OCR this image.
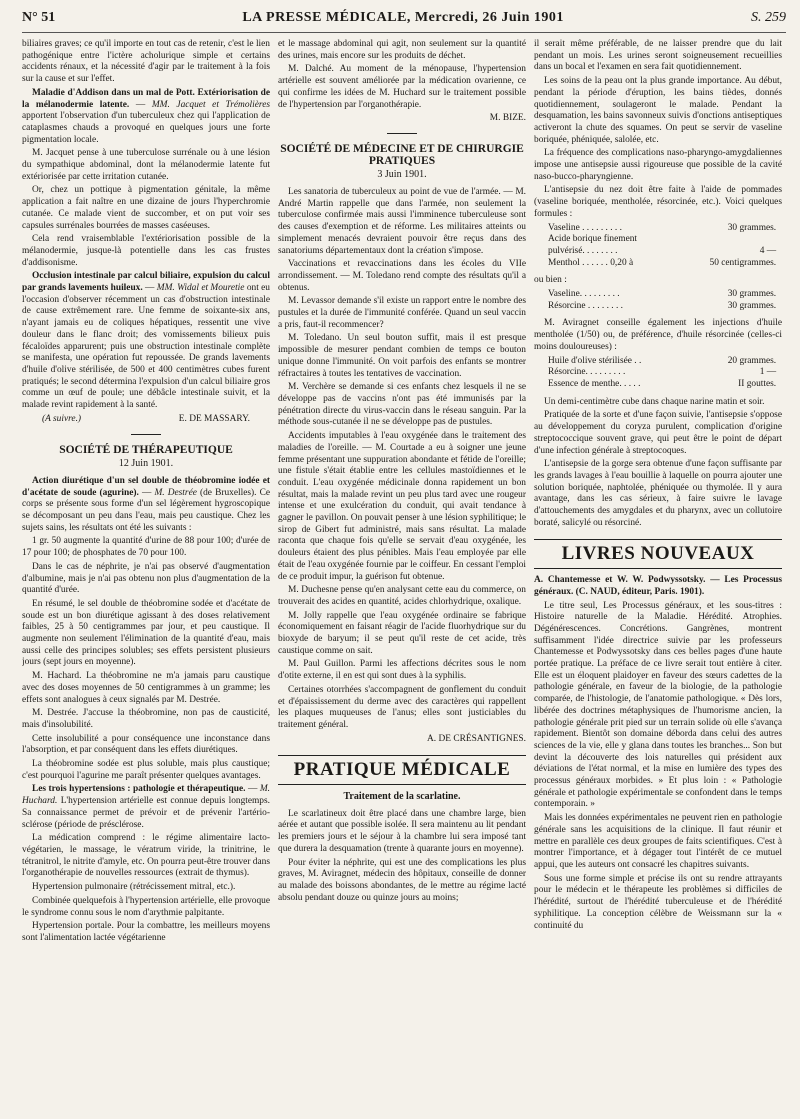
N° 51	LA PRESSE MÉDICALE, Mercredi, 26 Juin 1901	S. 259

biliaires graves; ce qu'il importe en tout cas de retenir, c'est le lien pathogénique entre l'ictère acholurique simple et certains accidents rénaux, et la nécessité d'agir par le traitement à la fois sur la cause et sur l'effet.

Maladie d'Addison dans un mal de Pott. Extériorisation de la mélanodermie latente. — MM. Jacquet et Trémolières apportent l'observation d'un tuberculeux chez qui l'application de cataplasmes chauds a provoqué en quelques jours une forte pigmentation locale.

M. Jacquet pense à une tuberculose surrénale ou à une lésion du sympathique abdominal, dont la mélanodermie latente fut extériorisée par cette irritation cutanée.

Or, chez un pottique à pigmentation génitale, la même application a fait naître en une dizaine de jours l'hyperchromie cutanée. Ce malade vient de succomber, et on put voir ses capsules surrénales bourrées de masses caséeuses.

Cela rend vraisemblable l'extériorisation possible de la mélanodermie, jusque-là potentielle dans les cas frustes d'addisonisme.

Occlusion intestinale par calcul biliaire, expulsion du calcul par grands lavements huileux. — MM. Widal et Mouretie ont eu l'occasion d'observer récemment un cas d'obstruction intestinale de cause extrêmement rare. Une femme de soixante-six ans, n'ayant jamais eu de coliques hépatiques, ressentit une vive douleur dans le flanc droit; des vomissements bilieux puis fécaloïdes apparurent; puis une obstruction intestinale complète se manifesta, une opération fut repoussée. De grands lavements d'huile d'olive stérilisée, de 500 et 400 centimètres cubes furent pratiqués; le second détermina l'expulsion d'un calcul biliaire gros comme un œuf de poule; une débâcle intestinale suivit, et la malade revint rapidement à la santé.

(A suivre.)	E. DE MASSARY.
SOCIÉTÉ DE THÉRAPEUTIQUE
12 Juin 1901.

Action diurétique d'un sel double de théobromine iodée et d'acétate de soude (agurine). — M. Destrée (de Bruxelles). Ce corps se présente sous forme d'un sel légèrement hygroscopique se décomposant un peu dans l'eau, mais peu caustique. Chez les sujets sains, les résultats ont été les suivants :

1 gr. 50 augmente la quantité d'urine de 88 pour 100; d'urée de 17 pour 100; de phosphates de 70 pour 100.

Dans le cas de néphrite, je n'ai pas observé d'augmentation d'albumine, mais je n'ai pas obtenu non plus d'augmentation de la quantité d'urée.

En résumé, le sel double de théobromine sodée et d'acétate de soude est un bon diurétique agissant à des doses relativement faibles, 25 à 50 centigrammes par jour, et peu caustique. Il augmente non seulement l'élimination de la quantité d'eau, mais aussi celle des principes solubles; ses effets persistent plusieurs jours (sept jours en moyenne).

M. Hachard. La théobromine ne m'a jamais paru caustique avec des doses moyennes de 50 centigrammes à un gramme; les effets sont analogues à ceux signalés par M. Destrée.

M. Destrée. J'accuse la théobromine, non pas de causticité, mais d'insolubilité.

Cette insolubilité a pour conséquence une inconstance dans l'absorption, et par conséquent dans les effets diurétiques.

La théobromine sodée est plus soluble, mais plus caustique; c'est pourquoi l'agurine me paraît présenter quelques avantages.

Les trois hypertensions : pathologie et thérapeutique. — M. Huchard. L'hypertension artérielle est connue depuis longtemps. Sa connaissance permet de prévoir et de prévenir l'artério-sclérose (période de présclérose.

La médication comprend : le régime alimentaire lacto-végétarien, le massage, le vératrum viride, la trinitrine, le tétranitrol, le nitrite d'amyle, etc. On pourra peut-être trouver dans l'organothérapie de nouvelles ressources (extrait de thymus).

Hypertension pulmonaire (rétrécissement mitral, etc.).

Combinée quelquefois à l'hypertension artérielle, elle provoque le syndrome connu sous le nom d'arythmie palpitante.

Hypertension portale. Pour la combattre, les meilleurs moyens sont l'alimentation lactée végétarienne

et le massage abdominal qui agit, non seulement sur la quantité des urines, mais encore sur les produits de déchet.

M. Dalché. Au moment de la ménopause, l'hypertension artérielle est souvent améliorée par la médication ovarienne, ce qui confirme les idées de M. Huchard sur le traitement possible de l'hypertension par l'organothérapie.

M. BIZE.
SOCIÉTÉ DE MÉDECINE ET DE CHIRURGIE PRATIQUES
3 Juin 1901.

Les sanatoria de tuberculeux au point de vue de l'armée. — M. André Martin rappelle que dans l'armée, non seulement la tuberculose confirmée mais aussi l'imminence tuberculeuse sont des causes d'exemption et de réforme. Les militaires atteints ou simplement menacés devraient pouvoir être reçus dans des sanatoriums départementaux dont la création s'impose.

Vaccinations et revaccinations dans les écoles du VIIe arrondissement. — M. Toledano rend compte des résultats qu'il a obtenus.

M. Levassor demande s'il existe un rapport entre le nombre des pustules et la durée de l'immunité conférée. Quand un seul vaccin a pris, faut-il recommencer?

M. Toledano. Un seul bouton suffit, mais il est presque impossible de mesurer pendant combien de temps ce bouton unique donne l'immunité. On voit parfois des enfants se montrer réfractaires à toutes les tentatives de vaccination.

M. Verchère se demande si ces enfants chez lesquels il ne se développe pas de vaccins n'ont pas été immunisés par la pénétration directe du virus-vaccin dans le réseau sanguin. Par la méthode sous-cutanée il ne se développe pas de pustules.

Accidents imputables à l'eau oxygénée dans le traitement des maladies de l'oreille. — M. Courtade a eu à soigner une jeune femme présentant une suppuration abondante et fétide de l'oreille; une fistule s'était établie entre les cellules mastoïdiennes et le conduit. L'eau oxygénée médicinale donna rapidement un bon résultat, mais la malade revint un peu plus tard avec une rougeur intense et une exulcération du conduit, qui avait tendance à gagner le pavillon. On pouvait penser à une lésion syphilitique; le sirop de Gibert fut administré, mais sans résultat. La malade raconta que chaque fois qu'elle se servait d'eau oxygénée, les douleurs étaient des plus pénibles. Mais l'eau employée par elle était de l'eau oxygénée fournie par le coiffeur. En cessant l'emploi de ce produit impur, la guérison fut obtenue.

M. Duchesne pense qu'en analysant cette eau du commerce, on trouverait des acides en quantité, acides chlorhydrique, oxalique.

M. Jolly rappelle que l'eau oxygénée ordinaire se fabrique économiquement en faisant réagir de l'acide fluorhydrique sur du bioxyde de baryum; il se peut qu'il reste de cet acide, très caustique comme on sait.

M. Paul Guillon. Parmi les affections décrites sous le nom d'otite externe, il en est qui sont dues à la syphilis.

Certaines otorrhées s'accompagnent de gonflement du conduit et d'épaississement du derme avec des caractères qui rappellent les plaques muqueuses de l'anus; elles sont justiciables du traitement général.

A. DE CRÉSANTIGNES.
PRATIQUE MÉDICALE
Traitement de la scarlatine.

Le scarlatineux doit être placé dans une chambre large, bien aérée et autant que possible isolée. Il sera maintenu au lit pendant les premiers jours et le séjour à la chambre lui sera imposé tant que durera la desquamation (trente à quarante jours en moyenne).

Pour éviter la néphrite, qui est une des complications les plus graves, M. Aviragnet, médecin des hôpitaux, conseille de donner au malade des boissons abondantes, de le mettre au régime lacté absolu pendant douze ou quinze jours au moins;

il serait même préférable, de ne laisser prendre que du lait pendant un mois. Les urines seront soigneusement recueillies dans un bocal et l'examen en sera fait quotidiennement.

Les soins de la peau ont la plus grande importance. Au début, pendant la période d'éruption, les bains tièdes, donnés quotidiennement, soulageront le malade. Pendant la desquamation, les bains savonneux suivis d'onctions antiseptiques activeront la chute des squames. On peut se servir de vaseline boriquée, phéniquée, salolée, etc.

La fréquence des complications naso-pharyngo-amygdaliennes impose une antisepsie aussi rigoureuse que possible de la cavité naso-bucco-pharyngienne.

L'antisepsie du nez doit être faite à l'aide de pommades (vaseline boriquée, mentholée, résorcinée, etc.). Voici quelques formules :

Vaseline . . . . . . . . .	30 grammes.
Acide borique finement	
pulvérisé. . . . . . . .	4 —
Menthol . . . . . . 0,20 à	50 centigrammes.

ou bien :

Vaseline. . . . . . . . .	30 grammes.
Résorcine . . . . . . . .	30 grammes.

M. Aviragnet conseille également les injections d'huile mentholée (1/50) ou, de préférence, d'huile résorcinée (celles-ci moins douloureuses) :

Huile d'olive stérilisée . .	20 grammes.
Résorcine. . . . . . . . .	1 —
Essence de menthe. . . . .	II gouttes.

Un demi-centimètre cube dans chaque narine matin et soir.

Pratiquée de la sorte et d'une façon suivie, l'antisepsie s'oppose au développement du coryza purulent, complication d'origine streptococcique souvent grave, qui peut être le point de départ d'une infection générale à streptocoques.

L'antisepsie de la gorge sera obtenue d'une façon suffisante par les grands lavages à l'eau bouillie à laquelle on pourra ajouter une solution boriquée, naphtolée, phéniquée ou thymolée. Il y aura avantage, dans les cas sérieux, à faire suivre le lavage d'attouchements des amygdales et du pharynx, avec un collutoire boraté, salicylé ou résorciné.

LIVRES NOUVEAUX

A. Chantemesse et W. W. Podwyssotsky. — Les Processus généraux. (C. NAUD, éditeur, Paris. 1901).

Le titre seul, Les Processus généraux, et les sous-titres : Histoire naturelle de la Maladie. Hérédité. Atrophies. Dégénérescences. Concrétions. Gangrènes, montrent suffisamment l'idée directrice suivie par les professeurs Chantemesse et Podwyssotsky dans ces belles pages d'une haute portée pratique. La préface de ce livre serait tout entière à citer. Elle est un éloquent plaidoyer en faveur des sœurs cadettes de la pathologie générale, en faveur de la biologie, de la pathologie comparée, de l'histologie, de l'anatomie pathologique. « Dès lors, libérée des doctrines métaphysiques de l'humorisme ancien, la pathologie générale prit pied sur un terrain solide où elle s'avança rapidement. Bientôt son domaine déborda dans celui des autres sciences de la vie, elle y glana dans toutes les branches... Son but devint la découverte des lois naturelles qui président aux déviations de l'état normal, et la mise en lumière des types des processus généraux morbides. » Et plus loin : « Pathologie générale et pathologie expérimentale se confondent dans le temps contemporain. »

Mais les données expérimentales ne peuvent rien en pathologie générale sans les acquisitions de la clinique. Il faut réunir et mettre en parallèle ces deux groupes de faits scientifiques. C'est à montrer l'importance, et à dégager tout l'intérêt de ce mutuel appui, que les auteurs ont consacré les chapitres suivants.

Sous une forme simple et précise ils ont su rendre attrayants pour le médecin et le thérapeute les problèmes si difficiles de l'hérédité, surtout de l'hérédité tuberculeuse et de l'hérédité syphilitique. La conception célèbre de Weissmann sur la « continuité du
